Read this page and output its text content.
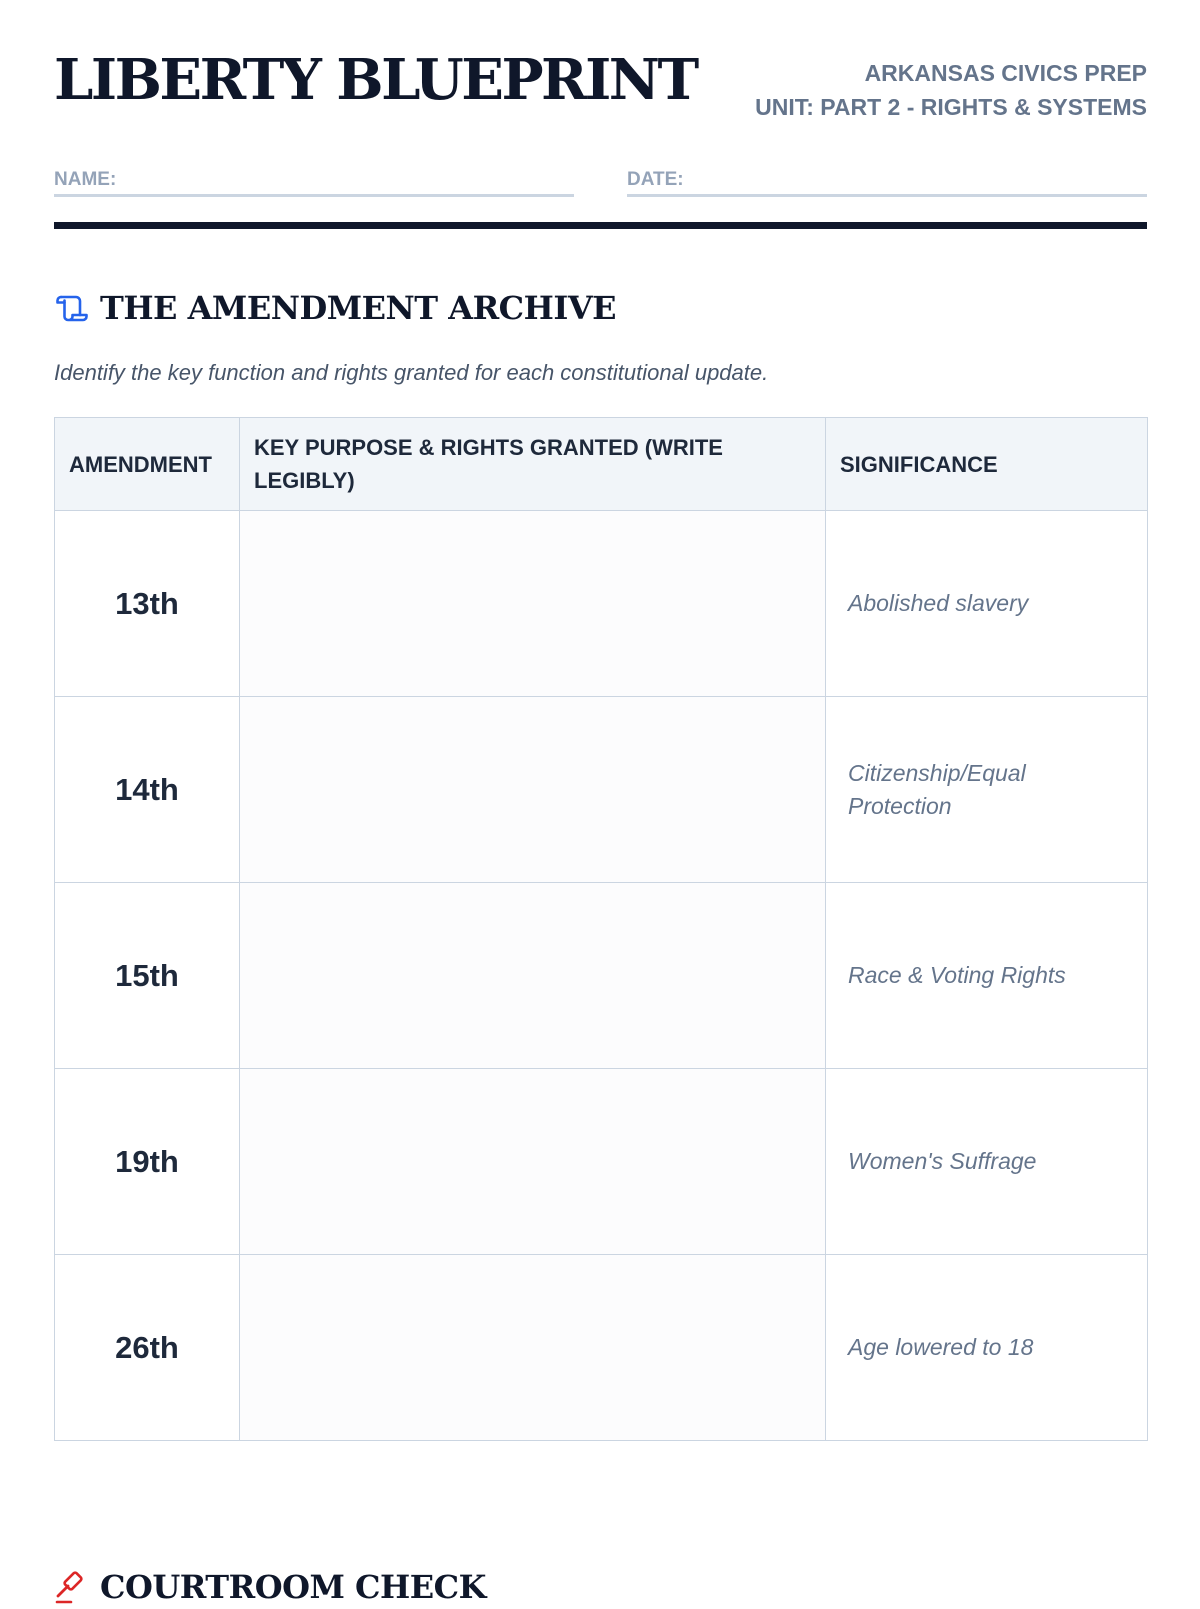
LIBERTY BLUEPRINT	ARKANSAS CIVICS PREP
UNIT: PART 2 - RIGHTS & SYSTEMS
NAME:	DATE:
THE AMENDMENT ARCHIVE
Identify the key function and rights granted for each constitutional update.
AMENDMENT	KEY PURPOSE & RIGHTS GRANTED (WRITE LEGIBLY)	SIGNIFICANCE
13th		Abolished slavery
14th		Citizenship/Equal Protection
15th		Race & Voting Rights
19th		Women's Suffrage
26th		Age lowered to 18
COURTROOM CHECK
